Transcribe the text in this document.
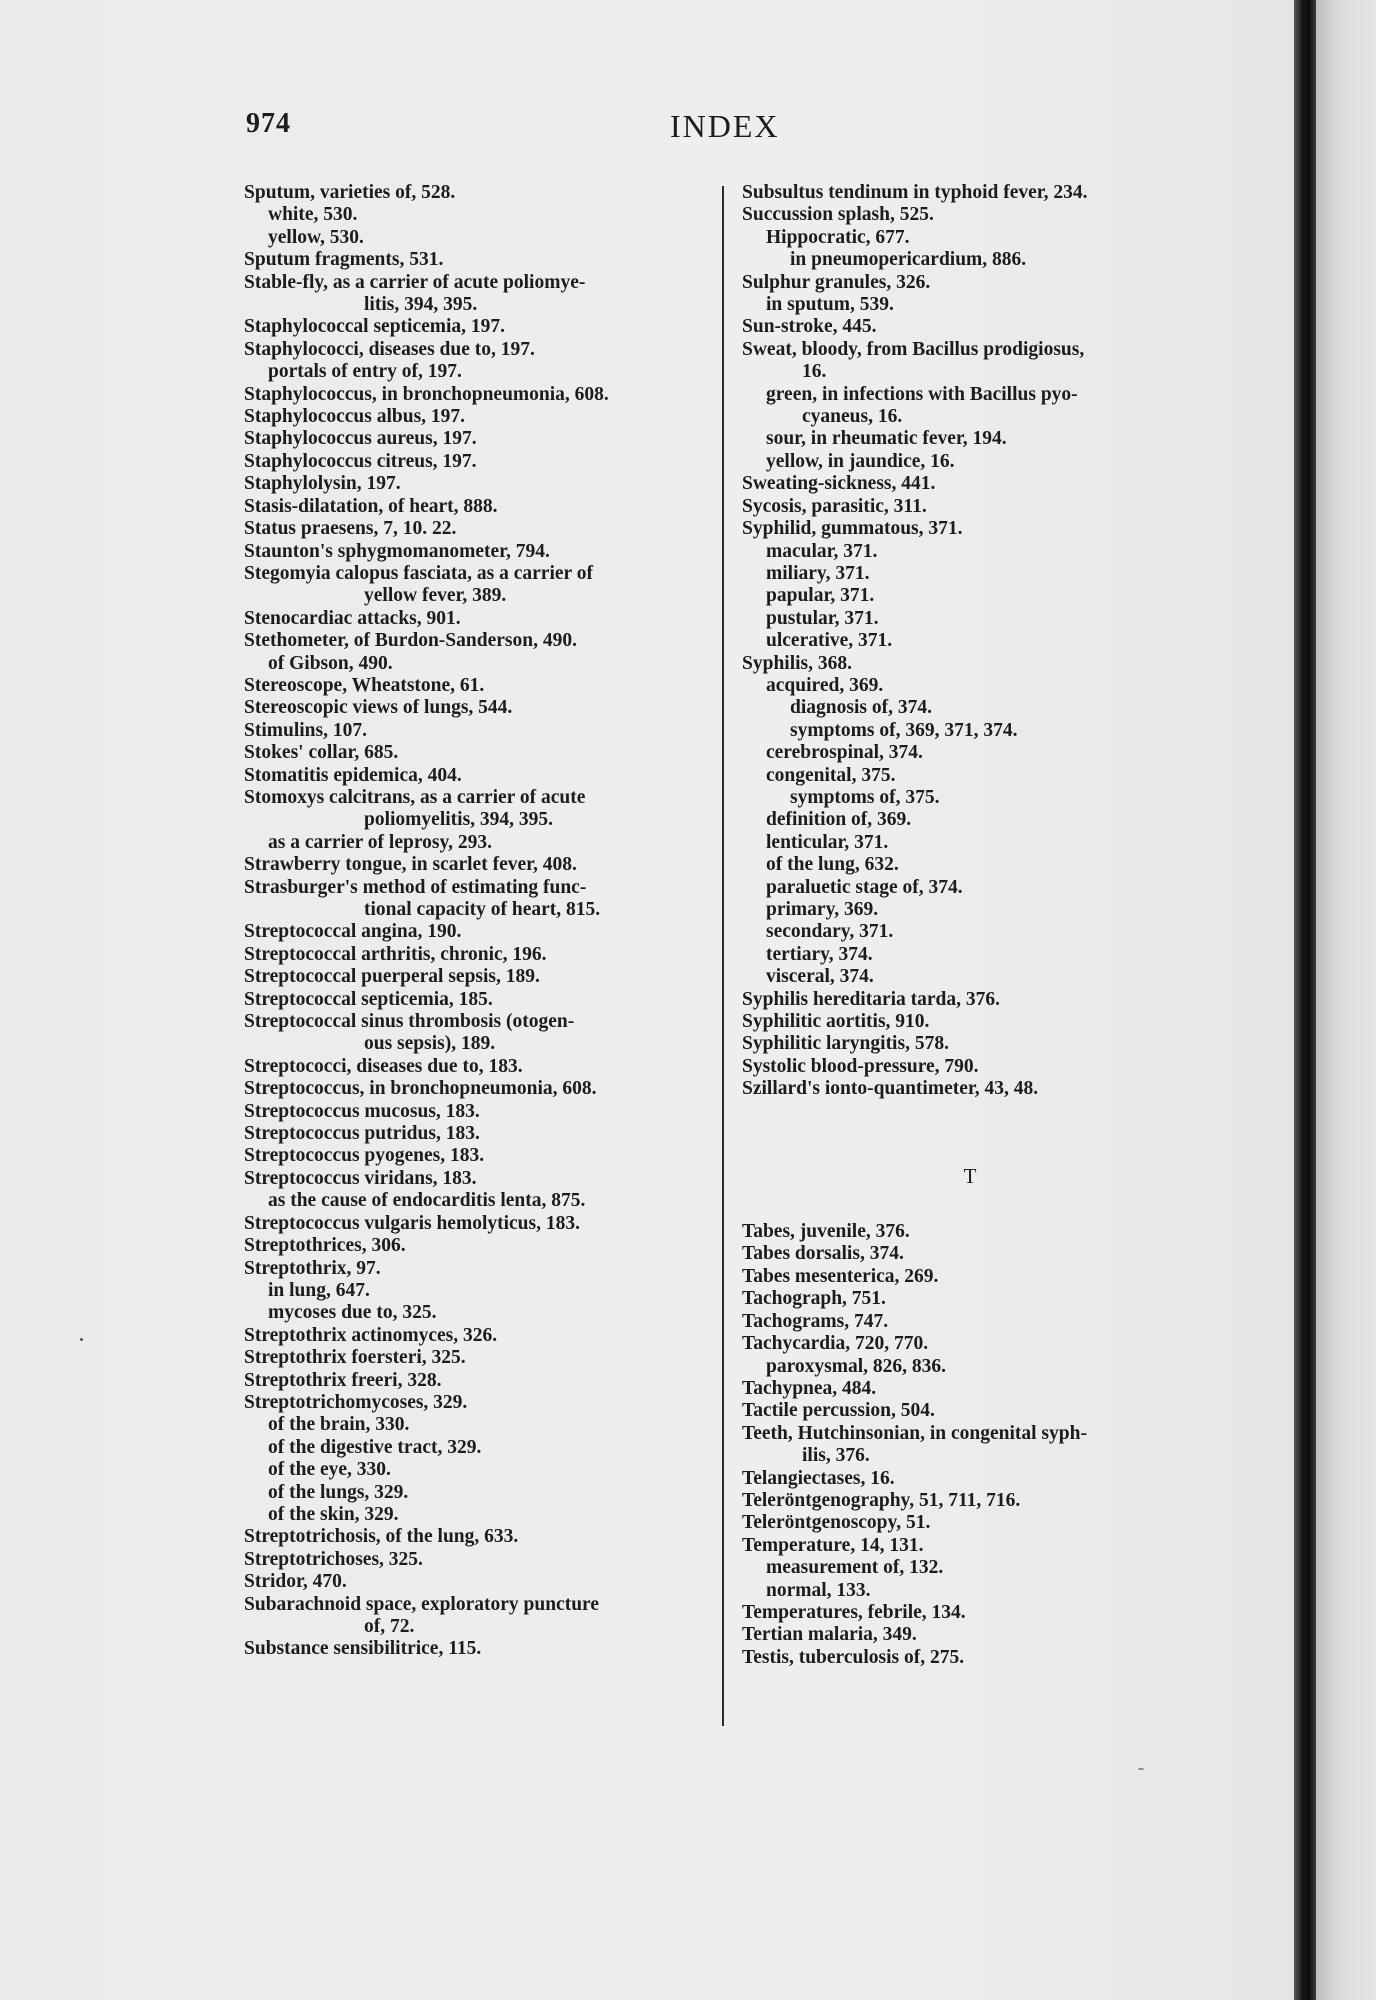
974	INDEX
Sputum, varieties of, 528.
white, 530.
yellow, 530.
Sputum fragments, 531.
Stable-fly, as a carrier of acute poliomye-
litis, 394, 395.
Staphylococcal septicemia, 197.
Staphylococci, diseases due to, 197.
portals of entry of, 197.
Staphylococcus, in bronchopneumonia, 608.
Staphylococcus albus, 197.
Staphylococcus aureus, 197.
Staphylococcus citreus, 197.
Staphylolysin, 197.
Stasis-dilatation, of heart, 888.
Status praesens, 7, 10. 22.
Staunton's sphygmomanometer, 794.
Stegomyia calopus fasciata, as a carrier of
yellow fever, 389.
Stenocardiac attacks, 901.
Stethometer, of Burdon-Sanderson, 490.
of Gibson, 490.
Stereoscope, Wheatstone, 61.
Stereoscopic views of lungs, 544.
Stimulins, 107.
Stokes' collar, 685.
Stomatitis epidemica, 404.
Stomoxys calcitrans, as a carrier of acute
poliomyelitis, 394, 395.
as a carrier of leprosy, 293.
Strawberry tongue, in scarlet fever, 408.
Strasburger's method of estimating func-
tional capacity of heart, 815.
Streptococcal angina, 190.
Streptococcal arthritis, chronic, 196.
Streptococcal puerperal sepsis, 189.
Streptococcal septicemia, 185.
Streptococcal sinus thrombosis (otogen-
ous sepsis), 189.
Streptococci, diseases due to, 183.
Streptococcus, in bronchopneumonia, 608.
Streptococcus mucosus, 183.
Streptococcus putridus, 183.
Streptococcus pyogenes, 183.
Streptococcus viridans, 183.
as the cause of endocarditis lenta, 875.
Streptococcus vulgaris hemolyticus, 183.
Streptothrices, 306.
Streptothrix, 97.
in lung, 647.
mycoses due to, 325.
Streptothrix actinomyces, 326.
Streptothrix foersteri, 325.
Streptothrix freeri, 328.
Streptotrichomycoses, 329.
of the brain, 330.
of the digestive tract, 329.
of the eye, 330.
of the lungs, 329.
of the skin, 329.
Streptotrichosis, of the lung, 633.
Streptotrichoses, 325.
Stridor, 470.
Subarachnoid space, exploratory puncture
of, 72.
Substance sensibilitrice, 115.
Subsultus tendinum in typhoid fever, 234.
Succussion splash, 525.
Hippocratic, 677.
in pneumopericardium, 886.
Sulphur granules, 326.
in sputum, 539.
Sun-stroke, 445.
Sweat, bloody, from Bacillus prodigiosus,
16.
green, in infections with Bacillus pyo-
cyaneus, 16.
sour, in rheumatic fever, 194.
yellow, in jaundice, 16.
Sweating-sickness, 441.
Sycosis, parasitic, 311.
Syphilid, gummatous, 371.
macular, 371.
miliary, 371.
papular, 371.
pustular, 371.
ulcerative, 371.
Syphilis, 368.
acquired, 369.
diagnosis of, 374.
symptoms of, 369, 371, 374.
cerebrospinal, 374.
congenital, 375.
symptoms of, 375.
definition of, 369.
lenticular, 371.
of the lung, 632.
paraluetic stage of, 374.
primary, 369.
secondary, 371.
tertiary, 374.
visceral, 374.
Syphilis hereditaria tarda, 376.
Syphilitic aortitis, 910.
Syphilitic laryngitis, 578.
Systolic blood-pressure, 790.
Szillard's ionto-quantimeter, 43, 48.
T
Tabes, juvenile, 376.
Tabes dorsalis, 374.
Tabes mesenterica, 269.
Tachograph, 751.
Tachograms, 747.
Tachycardia, 720, 770.
paroxysmal, 826, 836.
Tachypnea, 484.
Tactile percussion, 504.
Teeth, Hutchinsonian, in congenital syph-
ilis, 376.
Telangiectases, 16.
Teleröntgenography, 51, 711, 716.
Teleröntgenoscopy, 51.
Temperature, 14, 131.
measurement of, 132.
normal, 133.
Temperatures, febrile, 134.
Tertian malaria, 349.
Testis, tuberculosis of, 275.
